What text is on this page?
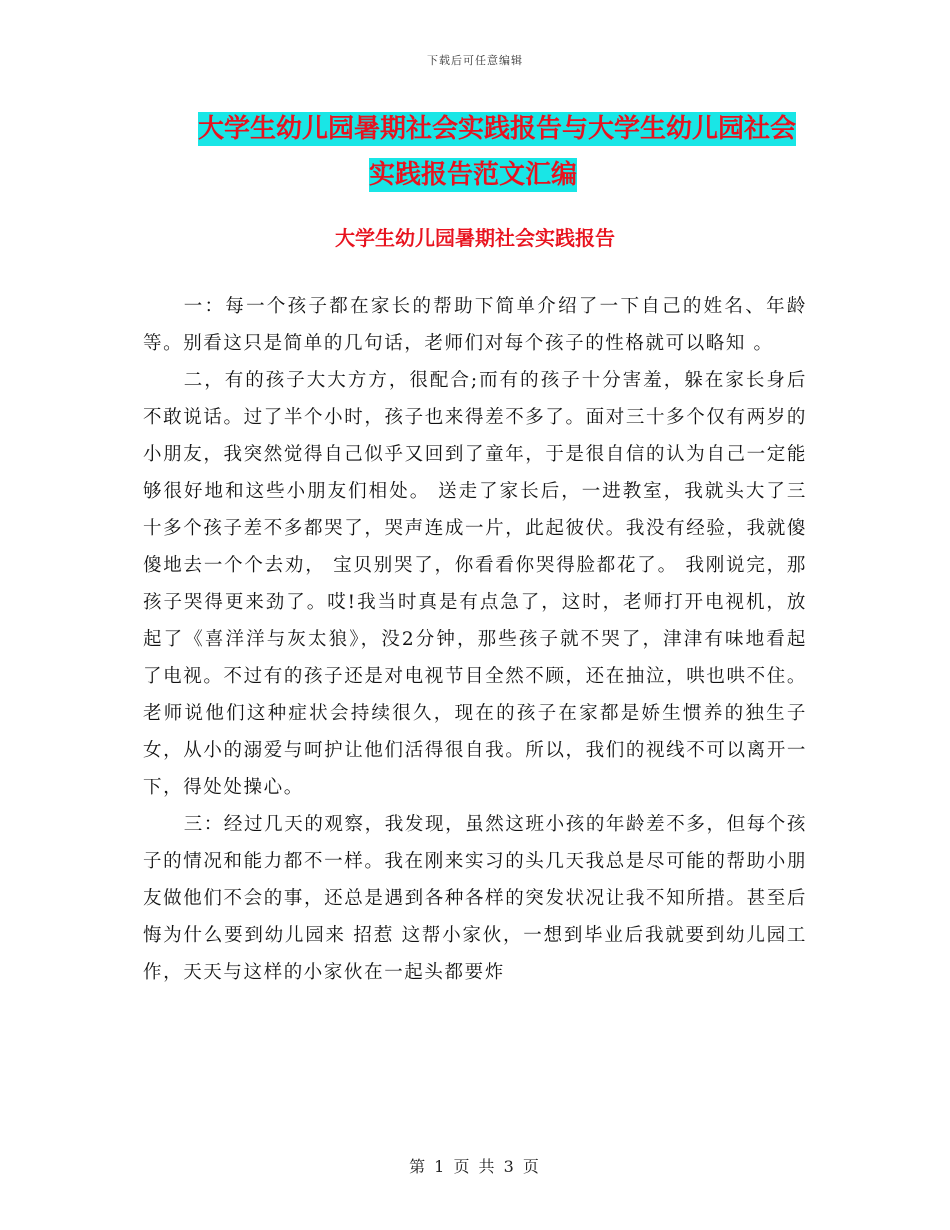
下载后可任意编辑
大学生幼儿园暑期社会实践报告与大学生幼儿园社会
实践报告范文汇编
大学生幼儿园暑期社会实践报告

一：每一个孩子都在家长的帮助下简单介绍了一下自己的姓名、年龄等。别看这只是简单的几句话，老师们对每个孩子的性格就可以略知 。

二，有的孩子大大方方，很配合;而有的孩子十分害羞，躲在家长身后不敢说话。过了半个小时，孩子也来得差不多了。面对三十多个仅有两岁的小朋友，我突然觉得自己似乎又回到了童年，于是很自信的认为自己一定能够很好地和这些小朋友们相处。 送走了家长后，一进教室，我就头大了三十多个孩子差不多都哭了，哭声连成一片，此起彼伏。我没有经验，我就傻傻地去一个个去劝， 宝贝别哭了，你看看你哭得脸都花了。 我刚说完，那孩子哭得更来劲了。哎!我当时真是有点急了，这时，老师打开电视机，放起了《喜洋洋与灰太狼》，没2分钟，那些孩子就不哭了，津津有味地看起了电视。不过有的孩子还是对电视节目全然不顾，还在抽泣，哄也哄不住。老师说他们这种症状会持续很久，现在的孩子在家都是娇生惯养的独生子女，从小的溺爱与呵护让他们活得很自我。所以，我们的视线不可以离开一下，得处处操心。

三：经过几天的观察，我发现，虽然这班小孩的年龄差不多，但每个孩子的情况和能力都不一样。我在刚来实习的头几天我总是尽可能的帮助小朋友做他们不会的事，还总是遇到各种各样的突发状况让我不知所措。甚至后悔为什么要到幼儿园来 招惹 这帮小家伙，一想到毕业后我就要到幼儿园工作，天天与这样的小家伙在一起头都要炸

第 1 页 共 3 页
